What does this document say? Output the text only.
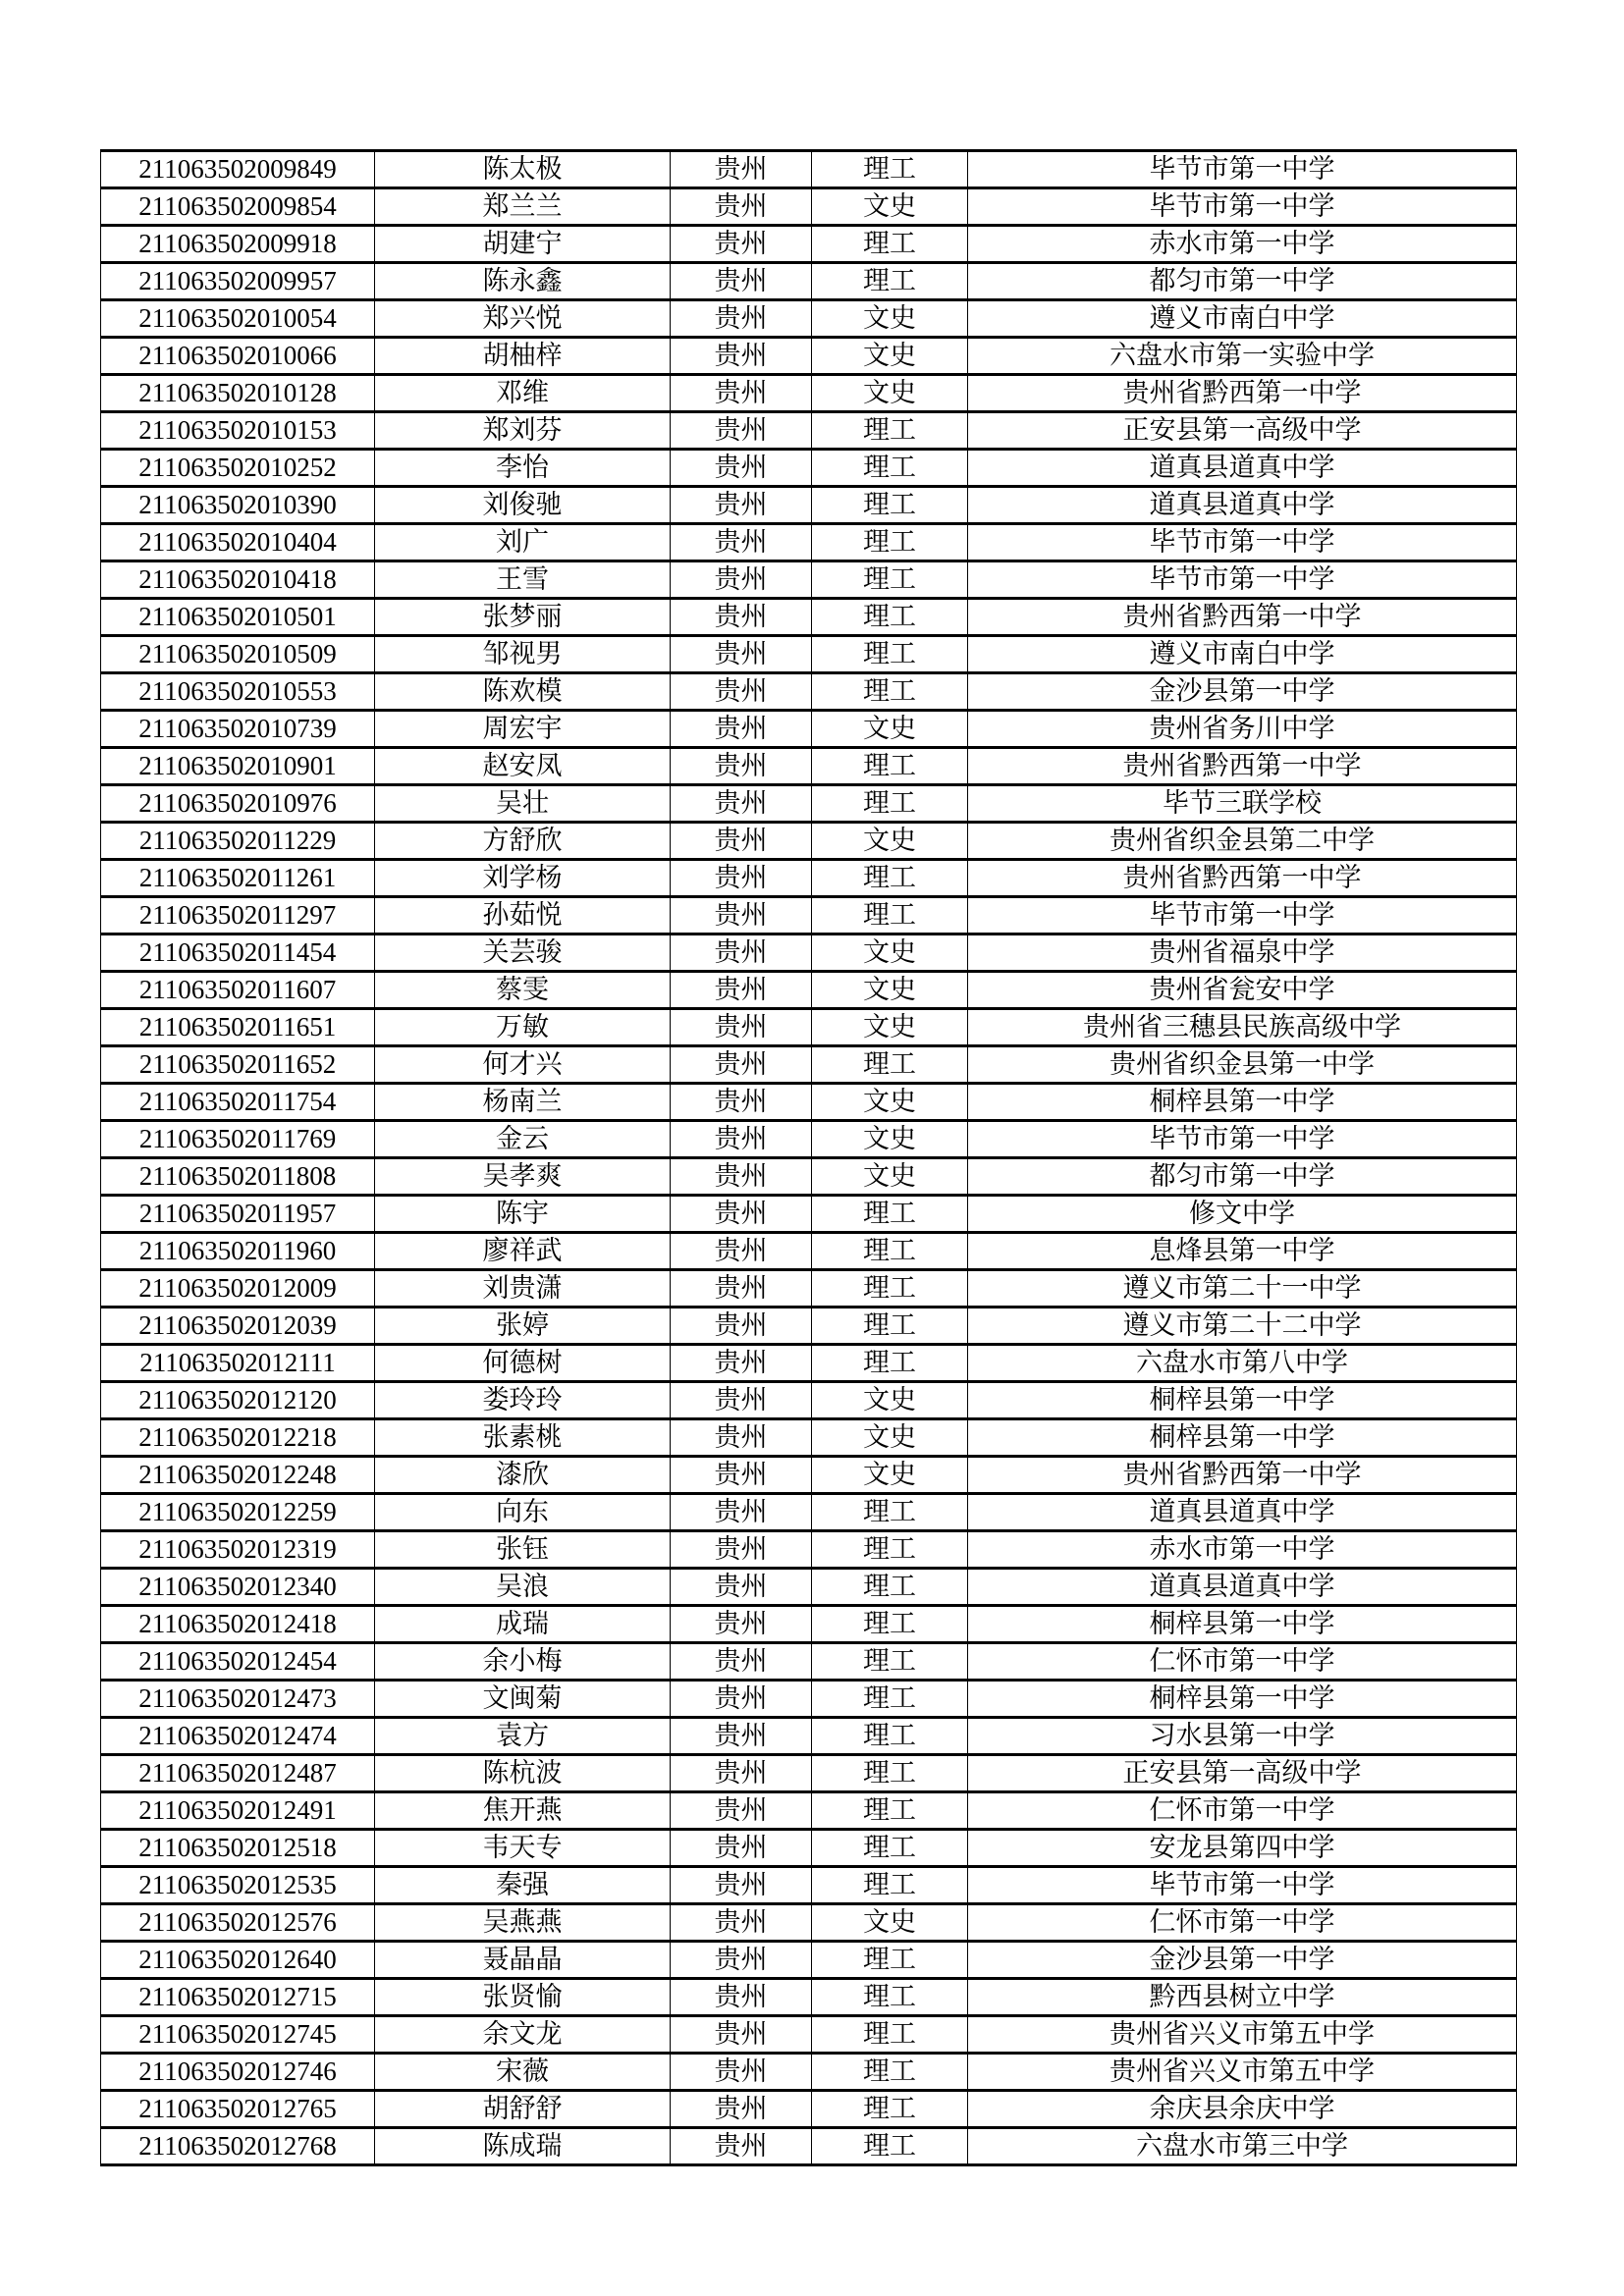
211063502009849	陈太极	贵州	理工	毕节市第一中学
211063502009854	郑兰兰	贵州	文史	毕节市第一中学
211063502009918	胡建宁	贵州	理工	赤水市第一中学
211063502009957	陈永鑫	贵州	理工	都匀市第一中学
211063502010054	郑兴悦	贵州	文史	遵义市南白中学
211063502010066	胡柚梓	贵州	文史	六盘水市第一实验中学
211063502010128	邓维	贵州	文史	贵州省黔西第一中学
211063502010153	郑刘芬	贵州	理工	正安县第一高级中学
211063502010252	李怡	贵州	理工	道真县道真中学
211063502010390	刘俊驰	贵州	理工	道真县道真中学
211063502010404	刘广	贵州	理工	毕节市第一中学
211063502010418	王雪	贵州	理工	毕节市第一中学
211063502010501	张梦丽	贵州	理工	贵州省黔西第一中学
211063502010509	邹视男	贵州	理工	遵义市南白中学
211063502010553	陈欢模	贵州	理工	金沙县第一中学
211063502010739	周宏宇	贵州	文史	贵州省务川中学
211063502010901	赵安凤	贵州	理工	贵州省黔西第一中学
211063502010976	吴壮	贵州	理工	毕节三联学校
211063502011229	方舒欣	贵州	文史	贵州省织金县第二中学
211063502011261	刘学杨	贵州	理工	贵州省黔西第一中学
211063502011297	孙茹悦	贵州	理工	毕节市第一中学
211063502011454	关芸骏	贵州	文史	贵州省福泉中学
211063502011607	蔡雯	贵州	文史	贵州省瓮安中学
211063502011651	万敏	贵州	文史	贵州省三穗县民族高级中学
211063502011652	何才兴	贵州	理工	贵州省织金县第一中学
211063502011754	杨南兰	贵州	文史	桐梓县第一中学
211063502011769	金云	贵州	文史	毕节市第一中学
211063502011808	吴孝爽	贵州	文史	都匀市第一中学
211063502011957	陈宇	贵州	理工	修文中学
211063502011960	廖祥武	贵州	理工	息烽县第一中学
211063502012009	刘贵潇	贵州	理工	遵义市第二十一中学
211063502012039	张婷	贵州	理工	遵义市第二十二中学
211063502012111	何德树	贵州	理工	六盘水市第八中学
211063502012120	娄玲玲	贵州	文史	桐梓县第一中学
211063502012218	张素桃	贵州	文史	桐梓县第一中学
211063502012248	漆欣	贵州	文史	贵州省黔西第一中学
211063502012259	向东	贵州	理工	道真县道真中学
211063502012319	张钰	贵州	理工	赤水市第一中学
211063502012340	吴浪	贵州	理工	道真县道真中学
211063502012418	成瑞	贵州	理工	桐梓县第一中学
211063502012454	余小梅	贵州	理工	仁怀市第一中学
211063502012473	文闽菊	贵州	理工	桐梓县第一中学
211063502012474	袁方	贵州	理工	习水县第一中学
211063502012487	陈杭波	贵州	理工	正安县第一高级中学
211063502012491	焦开燕	贵州	理工	仁怀市第一中学
211063502012518	韦天专	贵州	理工	安龙县第四中学
211063502012535	秦强	贵州	理工	毕节市第一中学
211063502012576	吴燕燕	贵州	文史	仁怀市第一中学
211063502012640	聂晶晶	贵州	理工	金沙县第一中学
211063502012715	张贤愉	贵州	理工	黔西县树立中学
211063502012745	余文龙	贵州	理工	贵州省兴义市第五中学
211063502012746	宋薇	贵州	理工	贵州省兴义市第五中学
211063502012765	胡舒舒	贵州	理工	余庆县余庆中学
211063502012768	陈成瑞	贵州	理工	六盘水市第三中学
